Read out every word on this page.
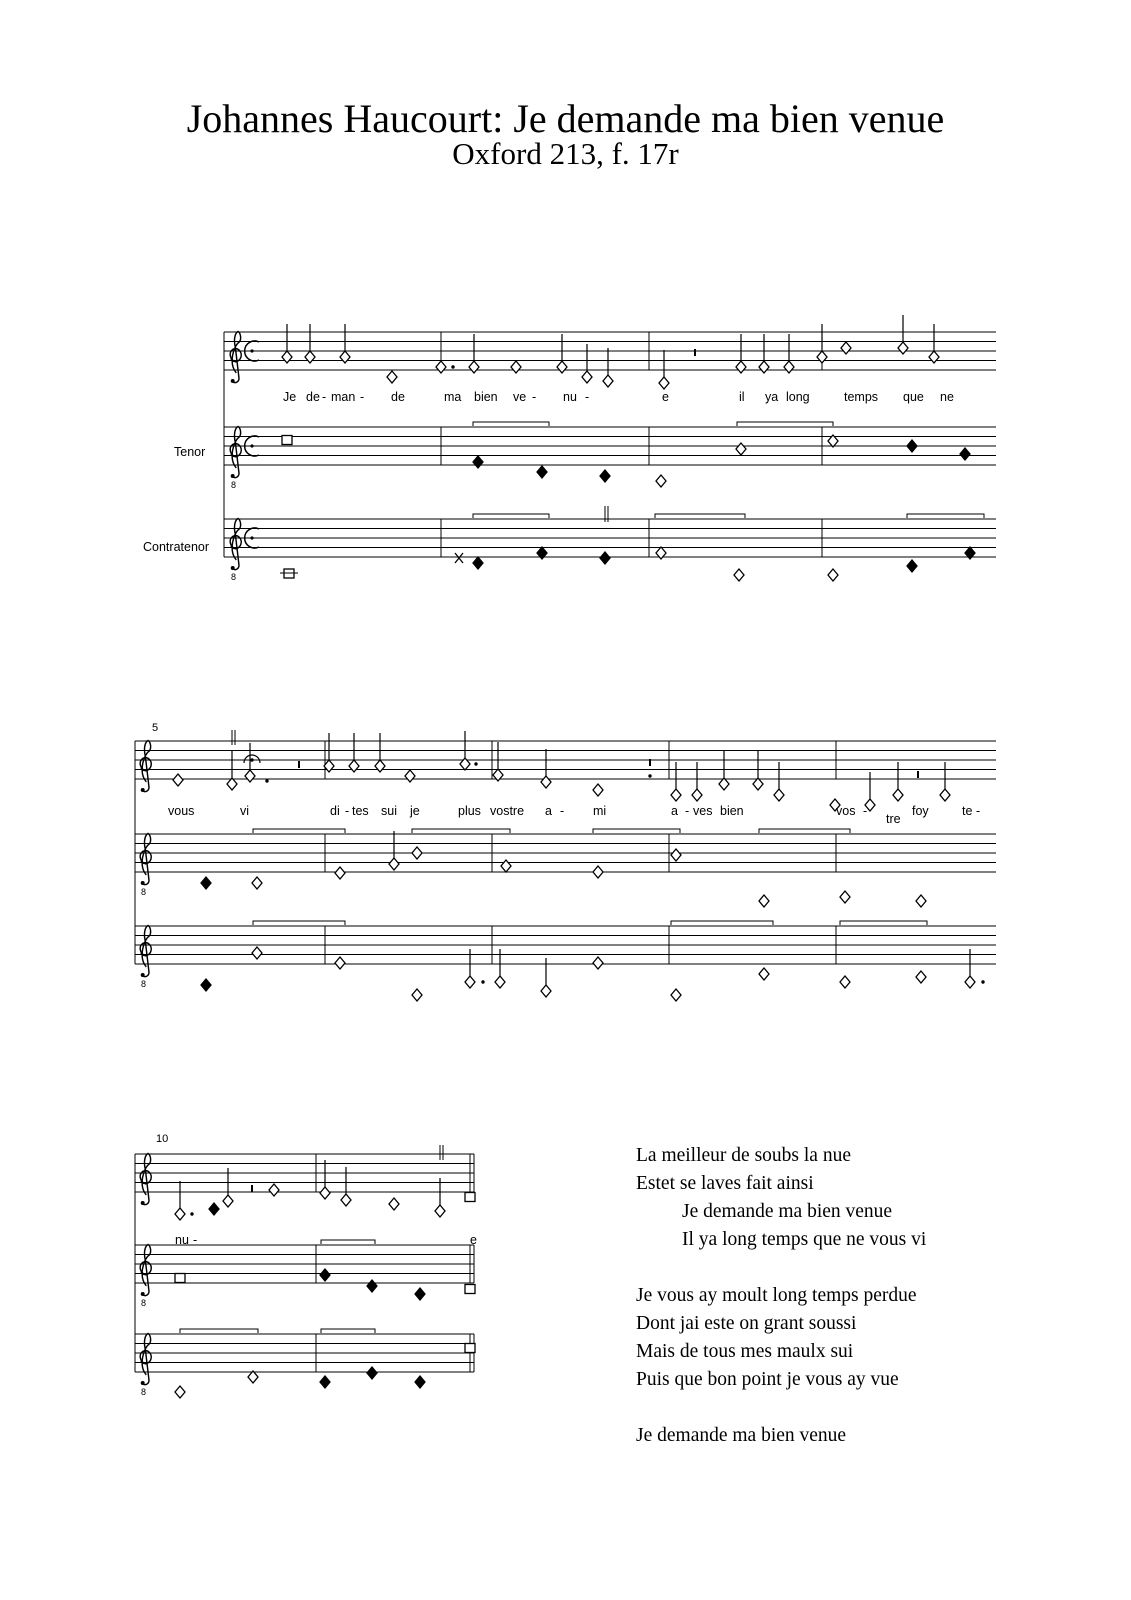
Johannes Haucourt: Je demande ma bien venue
Oxford 213, f. 17r
8
8
8
8
8
8
Tenor
Contratenor
5
10
Je de - man - de	ma bien ve - nu -	e	il ya long	temps que ne
vous	vi	di - tes sui je	plus vostre a - mi	a - ves bien	vos -
tre
foy	te -
nu -	e
La meilleur de soubs la nue
Estet se laves fait ainsi
Je demande ma bien venue
Il ya long temps que ne vous vi
Je vous ay moult long temps perdue
Dont jai este on grant soussi
Mais de tous mes maulx sui
Puis que bon point je vous ay vue
Je demande ma bien venue
